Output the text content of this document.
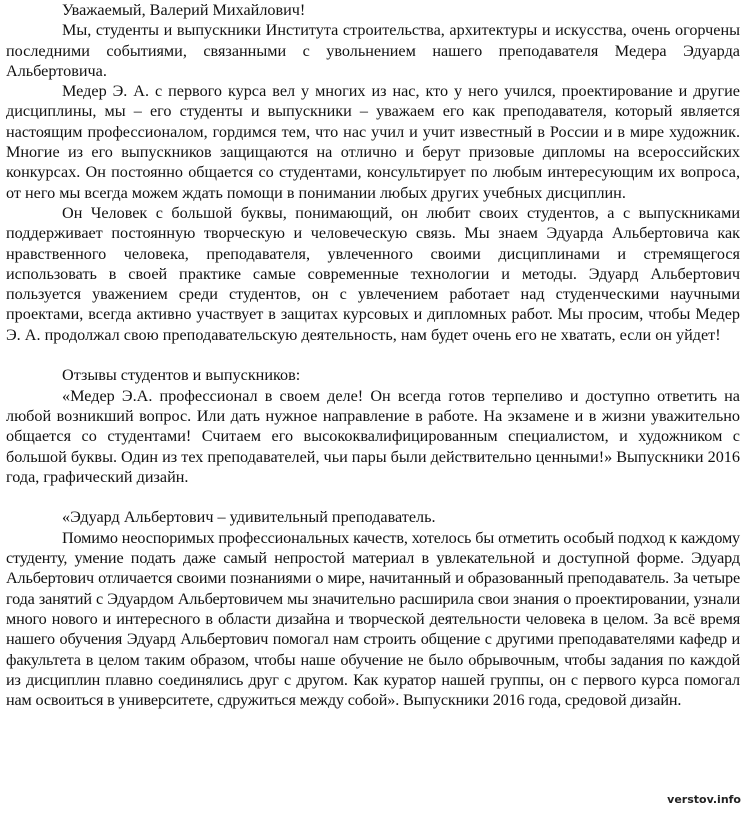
Уважаемый, Валерий Михайлович!

Мы, студенты и выпускники Института строительства, архитектуры и искусства, очень огорчены последними событиями, связанными с увольнением нашего преподавателя Медера Эдуарда Альбертовича.

Медер Э. А. с первого курса вел у многих из нас, кто у него учился, проектирование и другие дисциплины, мы – его студенты и выпускники – уважаем его как преподавателя, который является настоящим профессионалом, гордимся тем, что нас учил и учит известный в России и в мире художник. Многие из его выпускников защищаются на отлично и берут призовые дипломы на всероссийских конкурсах. Он постоянно общается со студентами, консультирует по любым интересующим их вопроса, от него мы всегда можем ждать помощи в понимании любых других учебных дисциплин.

Он Человек с большой буквы, понимающий, он любит своих студентов, а с выпускниками поддерживает постоянную творческую и человеческую связь. Мы знаем Эдуарда Альбертовича как нравственного человека, преподавателя, увлеченного своими дисциплинами и стремящегося использовать в своей практике самые современные технологии и методы. Эдуард Альбертович пользуется уважением среди студентов, он с увлечением работает над студенческими научными проектами, всегда активно участвует в защитах курсовых и дипломных работ. Мы просим, чтобы Медер Э. А. продолжал свою преподавательскую деятельность, нам будет очень его не хватать, если он уйдет!

Отзывы студентов и выпускников:

«Медер Э.А. профессионал в своем деле! Он всегда готов терпеливо и доступно ответить на любой возникший вопрос. Или дать нужное направление в работе. На экзамене и в жизни уважительно общается со студентами! Считаем его высококвалифицированным специалистом, и художником с большой буквы. Один из тех преподавателей, чьи пары были действительно ценными!» Выпускники 2016 года, графический дизайн.

«Эдуард Альбертович – удивительный преподаватель.

Помимо неоспоримых профессиональных качеств, хотелось бы отметить особый подход к каждому студенту, умение подать даже самый непростой материал в увлекательной и доступной форме. Эдуард Альбертович отличается своими познаниями о мире, начитанный и образованный преподаватель. За четыре года занятий с Эдуардом Альбертовичем мы значительно расширила свои знания о проектировании, узнали много нового и интересного в области дизайна и творческой деятельности человека в целом. За всё время нашего обучения Эдуард Альбертович помогал нам строить общение с другими преподавателями кафедр и факультета в целом таким образом, чтобы наше обучение не было обрывочным, чтобы задания по каждой из дисциплин плавно соединялись друг с другом. Как куратор нашей группы, он с первого курса помогал нам освоиться в университете, сдружиться между собой». Выпускники 2016 года, средовой дизайн.

verstov.info
